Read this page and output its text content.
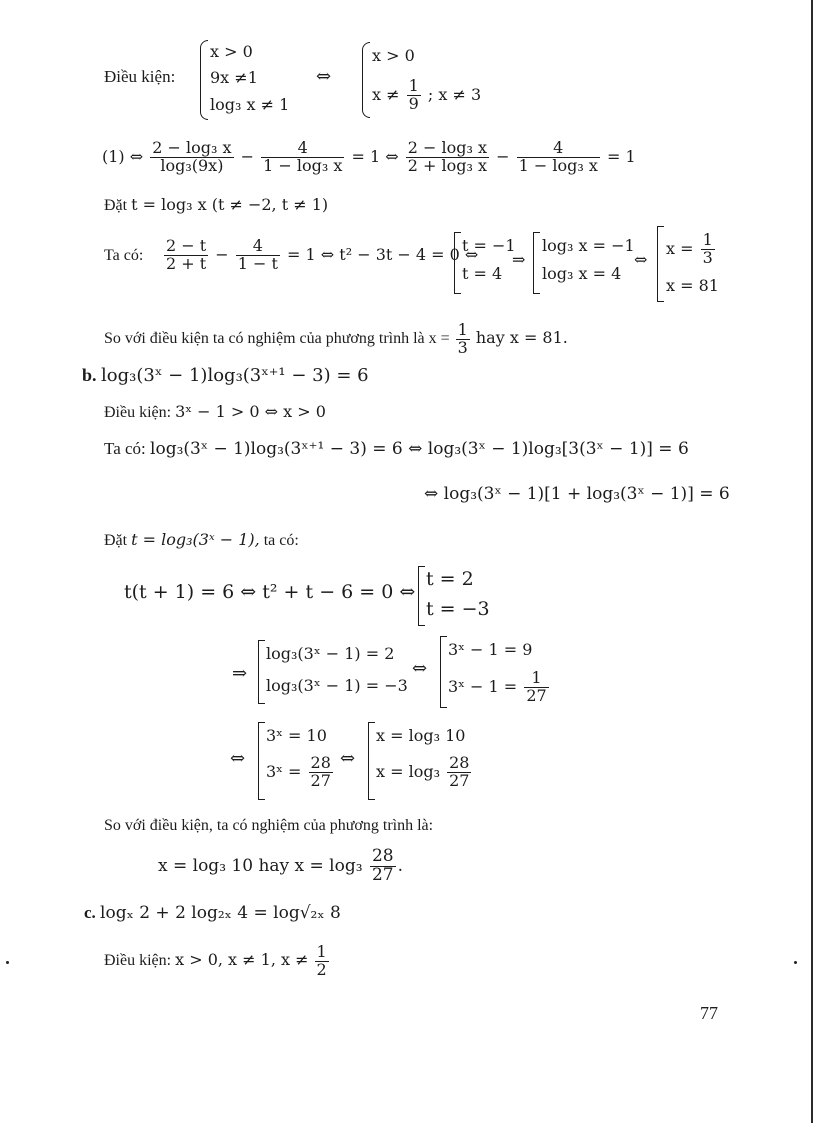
Điều kiện:
x > 0
9x ≠1
log₃ x ≠ 1
⇔
x > 0
$x \ne \frac{1}{9}$ ; x ≠ 3
(1) ⇔ $\frac{\text{2 − log₃ x}}{\text{log₃(9x)}} - \frac{4}{\text{1 − log₃ x}} = 1$ ⇔ $\frac{\text{2 − log₃ x}}{\text{2 + log₃ x}} - \frac{4}{\text{1 − log₃ x}} = 1$
Đặt t = log₃ x (t ≠ −2, t ≠ 1)
Ta có: $\frac{2 - t}{2 + t} - \frac{4}{1 - t} = 1$ ⇔ t² − 3t − 4 = 0 ⇔
t = −1
t = 4
⇒
log₃ x = −1
log₃ x = 4
⇔
$x = \frac{1}{3}$
x = 81
So với điều kiện ta có nghiệm của phương trình là $x = \frac{1}{3}$ hay x = 81.
b. log₃(3ˣ − 1)log₃(3ˣ⁺¹ − 3) = 6
Điều kiện: 3ˣ − 1 > 0 ⇔ x > 0
Ta có: log₃(3ˣ − 1)log₃(3ˣ⁺¹ − 3) = 6 ⇔ log₃(3ˣ − 1)log₃[3(3ˣ − 1)] = 6
⇔ log₃(3ˣ − 1)[1 + log₃(3ˣ − 1)] = 6
Đặt t = log₃(3ˣ − 1), ta có:
t(t + 1) = 6 ⇔ t² + t − 6 = 0 ⇔
t = 2
t = −3
⇒
log₃(3ˣ − 1) = 2
log₃(3ˣ − 1) = −3
⇔
3ˣ − 1 = 9
3ˣ − $1 = \frac{1}{27}$
⇔
3ˣ = 10
3ˣ = $\frac{28}{27}$ ⇔
x = log₃ 10
$x = \log_3 \frac{28}{27}$
So với điều kiện, ta có nghiệm của phương trình là:
x = log₃ 10 hay $x = \log_3 \frac{28}{27}$ .
c. logₓ 2 + 2 log₂ₓ 4 = log√₂ₓ 8
Điều kiện: x > 0, x ≠ 1, $x \ne \frac{1}{2}$
77
